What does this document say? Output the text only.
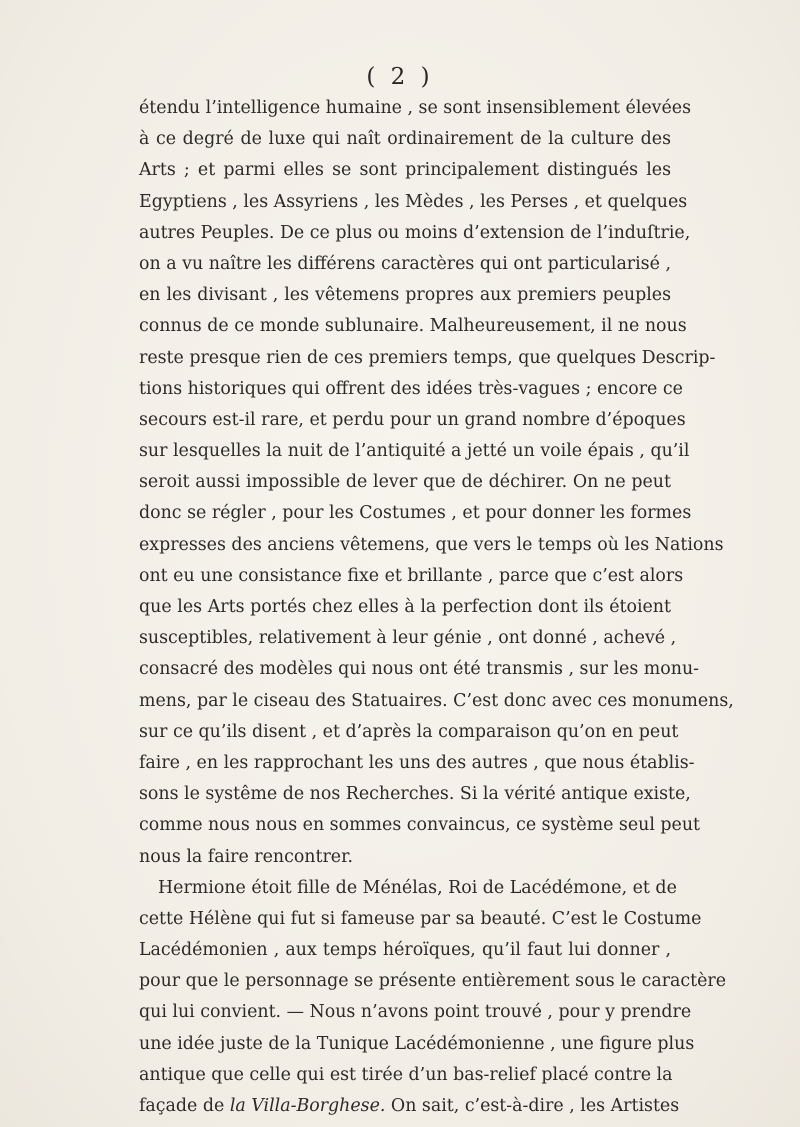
( 2 )
étendu l’intelligence humaine , se sont insensiblement élevées
à ce degré de luxe qui naît ordinairement de la culture des
Arts ; et parmi elles se sont principalement distingués les
Egyptiens , les Assyriens , les Mèdes , les Perses , et quelques
autres Peuples. De ce plus ou moins d’extension de l’induſtrie,
on a vu naître les différens caractères qui ont particularisé ,
en les divisant , les vêtemens propres aux premiers peuples
connus de ce monde sublunaire. Malheureusement, il ne nous
reste presque rien de ces premiers temps, que quelques Descrip-
tions historiques qui offrent des idées très-vagues ; encore ce
secours est-il rare, et perdu pour un grand nombre d’époques
sur lesquelles la nuit de l’antiquité a jetté un voile épais , qu’il
seroit aussi impossible de lever que de déchirer. On ne peut
donc se régler , pour les Costumes , et pour donner les formes
expresses des anciens vêtemens, que vers le temps où les Nations
ont eu une consistance fixe et brillante , parce que c’est alors
que les Arts portés chez elles à la perfection dont ils étoient
susceptibles, relativement à leur génie , ont donné , achevé ,
consacré des modèles qui nous ont été transmis , sur les monu-
mens, par le ciseau des Statuaires. C’est donc avec ces monumens,
sur ce qu’ils disent , et d’après la comparaison qu’on en peut
faire , en les rapprochant les uns des autres , que nous établis-
sons le systême de nos Recherches. Si la vérité antique existe,
comme nous nous en sommes convaincus, ce système seul peut
nous la faire rencontrer.
Hermione étoit fille de Ménélas, Roi de Lacédémone, et de
cette Hélène qui fut si fameuse par sa beauté. C’est le Costume
Lacédémonien , aux temps héroïques, qu’il faut lui donner ,
pour que le personnage se présente entièrement sous le caractère
qui lui convient. — Nous n’avons point trouvé , pour y prendre
une idée juste de la Tunique Lacédémonienne , une figure plus
antique que celle qui est tirée d’un bas-relief placé contre la
façade de la Villa-Borghese. On sait, c’est-à-dire , les Artistes
